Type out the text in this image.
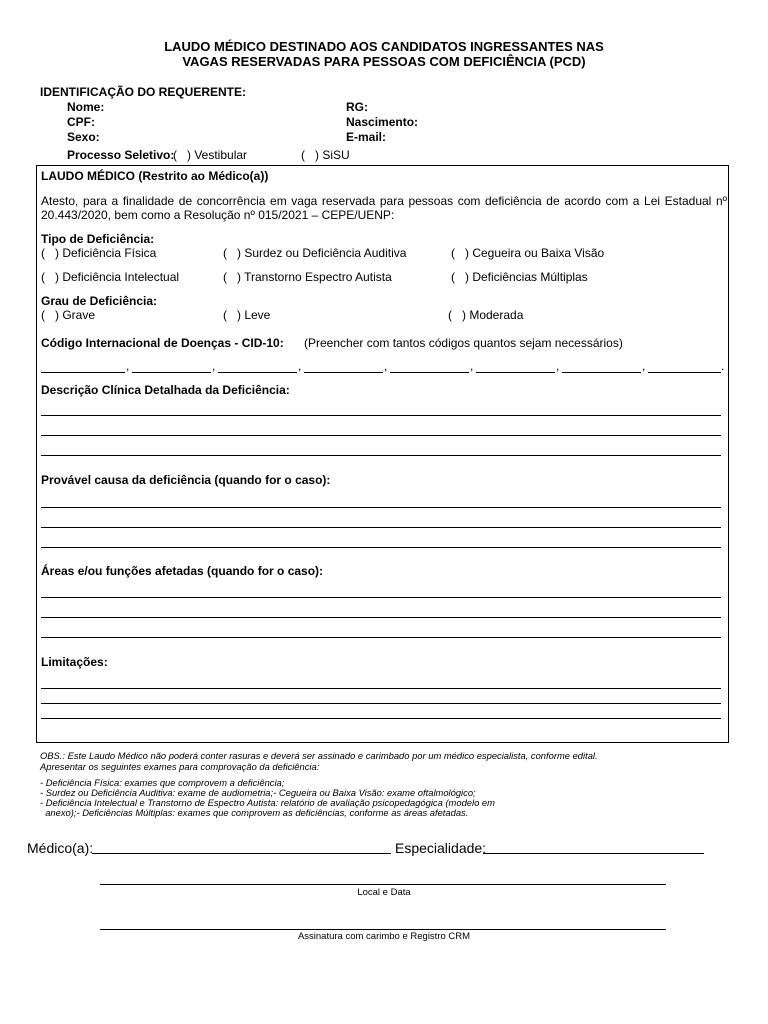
LAUDO MÉDICO DESTINADO AOS CANDIDATOS INGRESSANTES NAS
VAGAS RESERVADAS PARA PESSOAS COM DEFICIÊNCIA (PCD)
IDENTIFICAÇÃO DO REQUERENTE:
Nome:
CPF:
Sexo:
RG:
Nascimento:
E-mail:
Processo Seletivo:
(   ) Vestibular	(   ) SiSU
LAUDO MÉDICO (Restrito ao Médico(a))
Atesto, para a finalidade de concorrência em vaga reservada para pessoas com deficiência de acordo com a Lei Estadual nº
20.443/2020, bem como a Resolução nº 015/2021 – CEPE/UENP:
Tipo de Deficiência:
(   ) Deficiência Física	(   ) Surdez ou Deficiência Auditiva	(   ) Cegueira ou Baixa Visão
(   ) Deficiência Intelectual	(   ) Transtorno Espectro Autista	(   ) Deficiências Múltiplas
Grau de Deficiência:
(   ) Grave	(   ) Leve	(   ) Moderada
Código Internacional de Doenças - CID-10: (Preencher com tantos códigos quantos sejam necessários)
,	,	,	,	,	,	,	.
Descrição Clínica Detalhada da Deficiência:
Provável causa da deficiência (quando for o caso):
Áreas e/ou funções afetadas (quando for o caso):
Limitações:
OBS.: Este Laudo Médico não poderá conter rasuras e deverá ser assinado e carimbado por um médico especialista, conforme edital.
Apresentar os seguintes exames para comprovação da deficiência:
- Deficiência Física: exames que comprovem a deficiência;
- Surdez ou Deficiência Auditiva: exame de audiometria;- Cegueira ou Baixa Visão: exame oftalmológico;
- Deficiência Intelectual e Transtorno de Espectro Autista: relatório de avaliação psicopedagógica (modelo em
anexo);- Deficiências Múltiplas: exames que comprovem as deficiências, conforme as áreas afetadas.
Médico(a):	Especialidade:
Local e Data
Assinatura com carimbo e Registro CRM
